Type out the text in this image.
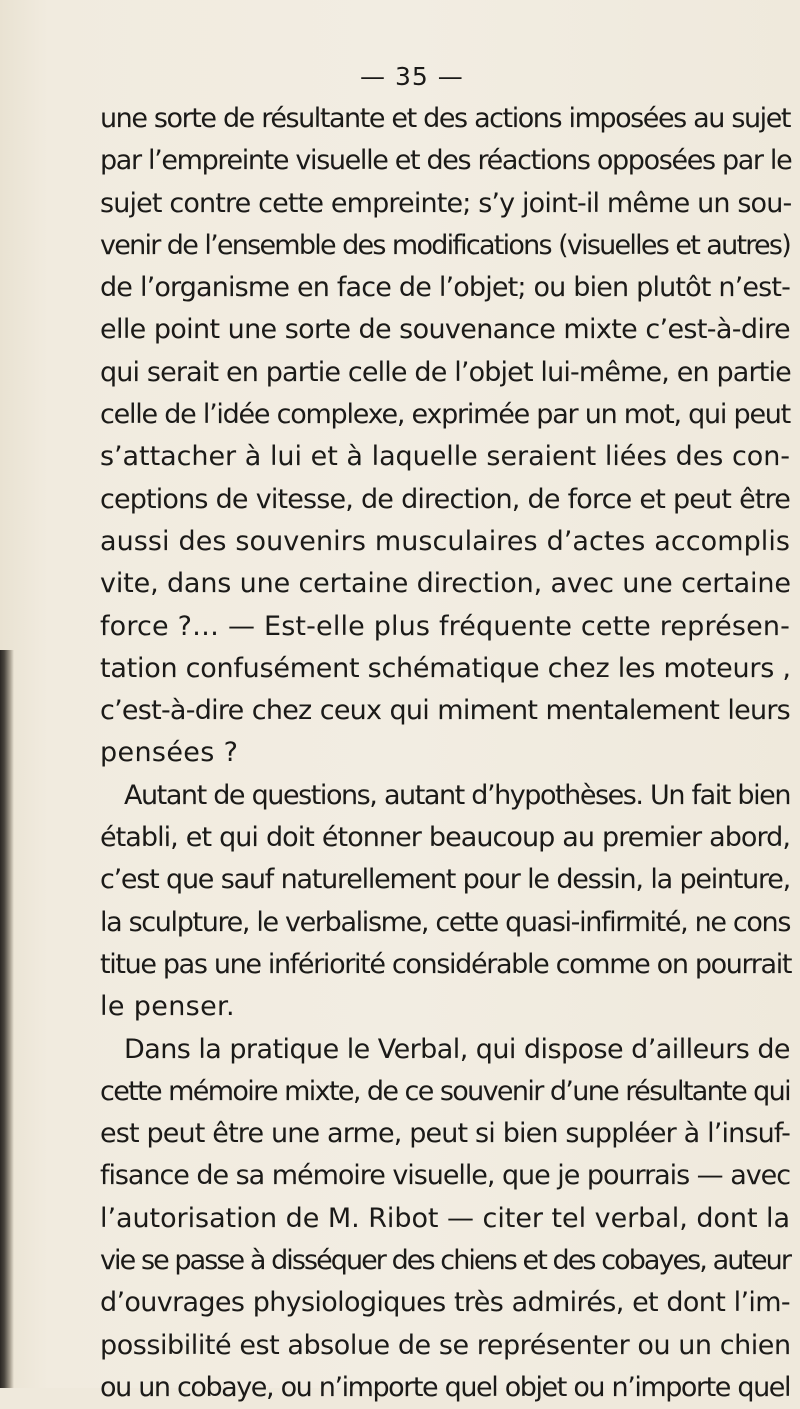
— 35 —
une sorte de résultante et des actions imposées au sujet
par l’empreinte visuelle et des réactions opposées par le
sujet contre cette empreinte; s’y joint-il même un sou-
venir de l’ensemble des modifications (visuelles et autres)
de l’organisme en face de l’objet; ou bien plutôt n’est-
elle point une sorte de souvenance mixte c’est-à-dire
qui serait en partie celle de l’objet lui-même, en partie
celle de l’idée complexe, exprimée par un mot, qui peut
s’attacher à lui et à laquelle seraient liées des con-
ceptions de vitesse, de direction, de force et peut être
aussi des souvenirs musculaires d’actes accomplis
vite, dans une certaine direction, avec une certaine
force ?… — Est-elle plus fréquente cette représen-
tation confusément schématique chez les moteurs ,
c’est-à-dire chez ceux qui miment mentalement leurs
pensées ?
Autant de questions, autant d’hypothèses. Un fait bien
établi, et qui doit étonner beaucoup au premier abord,
c’est que sauf naturellement pour le dessin, la peinture,
la sculpture, le verbalisme, cette quasi-infirmité, ne cons
titue pas une infériorité considérable comme on pourrait
le penser.
Dans la pratique le Verbal, qui dispose d’ailleurs de
cette mémoire mixte, de ce souvenir d’une résultante qui
est peut être une arme, peut si bien suppléer à l’insuf-
fisance de sa mémoire visuelle, que je pourrais — avec
l’autorisation de M. Ribot — citer tel verbal, dont la
vie se passe à disséquer des chiens et des cobayes, auteur
d’ouvrages physiologiques très admirés, et dont l’im-
possibilité est absolue de se représenter ou un chien
ou un cobaye, ou n’importe quel objet ou n’importe quel
